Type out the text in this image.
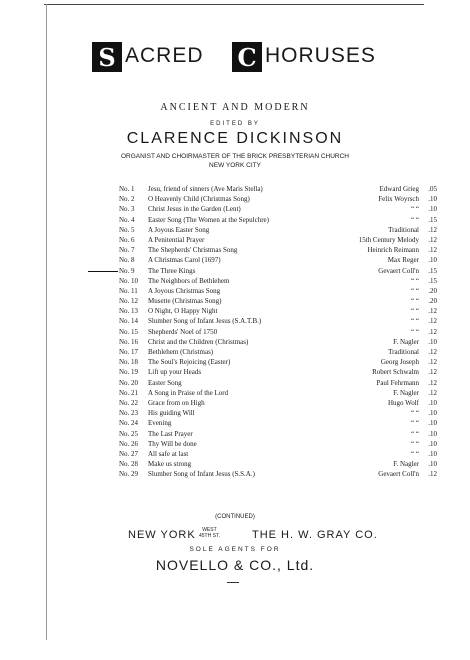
S ACRED C HORUSES
ANCIENT AND MODERN
EDITED BY
CLARENCE DICKINSON
ORGANIST AND CHOIRMASTER OF THE BRICK PRESBYTERIAN CHURCH
NEW YORK CITY
No. 1 Jesu, friend of sinners (Ave Maris Stella)	Edward Grieg .05
No. 2 O Heavenly Child (Christmas Song)	Felix Woyrsch .10
No. 3 Christ Jesus in the Garden (Lent)	“ “ .10
No. 4 Easter Song (The Women at the Sepulchre)	“ “ .15
No. 5 A Joyous Easter Song	Traditional .12
No. 6 A Penitential Prayer	15th Century Melody .12
No. 7 The Shepherds' Christmas Song	Heinrich Reimann .12
No. 8 A Christmas Carol (1697)	Max Reger .10
No. 9 The Three Kings	Gevaert Coll'n .15
No. 10 The Neighbors of Bethlehem	“ “ .15
No. 11 A Joyous Christmas Song	“ “ .20
No. 12 Musette (Christmas Song)	“ “ .20
No. 13 O Night, O Happy Night	“ “ .12
No. 14 Slumber Song of Infant Jesus (S.A.T.B.)	“ “ .12
No. 15 Shepherds' Noel of 1750	“ “ .12
No. 16 Christ and the Children (Christmas)	F. Nagler .10
No. 17 Bethlehem (Christmas)	Traditional .12
No. 18 The Soul's Rejoicing (Easter)	Georg Joseph .12
No. 19 Lift up your Heads	Robert Schwalm .12
No. 20 Easter Song	Paul Fehrmann .12
No. 21 A Song in Praise of the Lord	F. Nagler .12
No. 22 Grace from on High	Hugo Wolf .10
No. 23 His guiding Will	“ “ .10
No. 24 Evening	“ “ .10
No. 25 The Last Prayer	“ “ .10
No. 26 Thy Will be done	“ “ .10
No. 27 All safe at last	“ “ .10
No. 28 Make us strong	F. Nagler .10
No. 29 Slumber Song of Infant Jesus (S.S.A.)	Gevaert Coll'n .12
(CONTINUED)
NEW YORK	WEST
45TH ST.	THE H. W. GRAY CO.
SOLE AGENTS FOR
NOVELLO & CO., Ltd.
